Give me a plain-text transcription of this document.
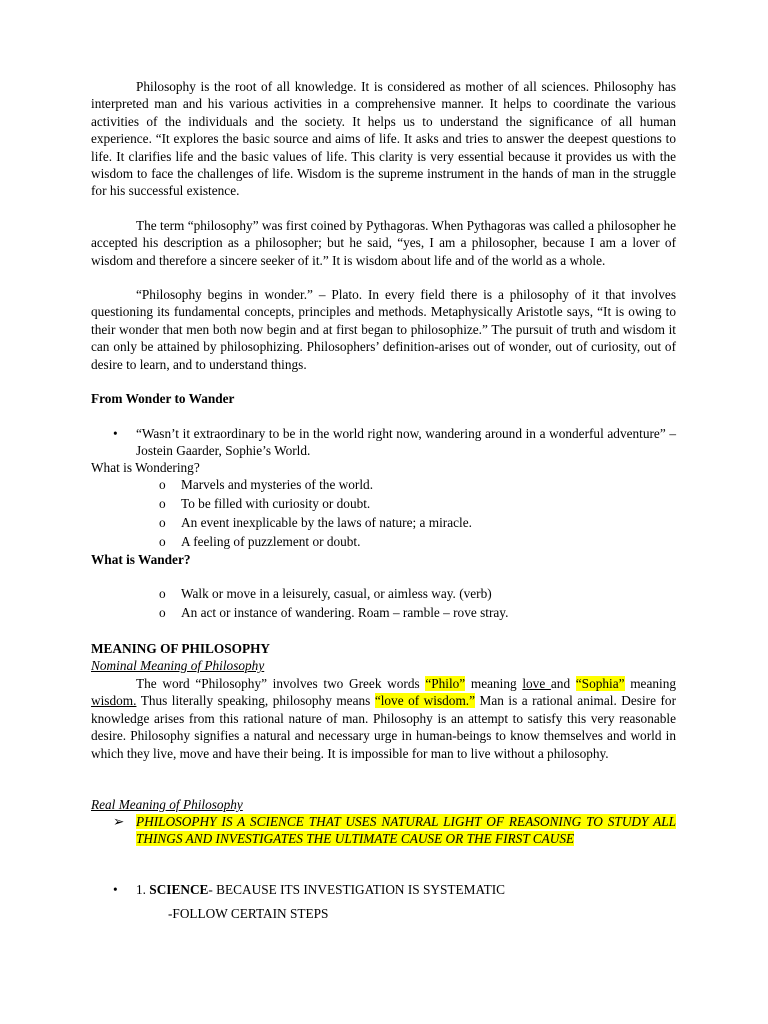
Philosophy is the root of all knowledge. It is considered as mother of all sciences. Philosophy has interpreted man and his various activities in a comprehensive manner. It helps to coordinate the various activities of the individuals and the society. It helps us to understand the significance of all human experience. “It explores the basic source and aims of life. It asks and tries to answer the deepest questions to life. It clarifies life and the basic values of life. This clarity is very essential because it provides us with the wisdom to face the challenges of life. Wisdom is the supreme instrument in the hands of man in the struggle for his successful existence.

The term “philosophy” was first coined by Pythagoras. When Pythagoras was called a philosopher he accepted his description as a philosopher; but he said, “yes, I am a philosopher, because I am a lover of wisdom and therefore a sincere seeker of it.” It is wisdom about life and of the world as a whole.

“Philosophy begins in wonder.” – Plato. In every field there is a philosophy of it that involves questioning its fundamental concepts, principles and methods. Metaphysically Aristotle says, “It is owing to their wonder that men both now begin and at first began to philosophize.” The pursuit of truth and wisdom it can only be attained by philosophizing. Philosophers’ definition-arises out of wonder, out of curiosity, out of desire to learn, and to understand things.

From Wonder to Wander
• “Wasn’t it extraordinary to be in the world right now, wandering around in a wonderful adventure” – Jostein Gaarder, Sophie’s World.
What is Wondering?
o Marvels and mysteries of the world.
o To be filled with curiosity or doubt.
o An event inexplicable by the laws of nature; a miracle.
o A feeling of puzzlement or doubt.
What is Wander?
o Walk or move in a leisurely, casual, or aimless way. (verb)
o An act or instance of wandering. Roam – ramble – rove stray.
MEANING OF PHILOSOPHY
Nominal Meaning of Philosophy

The word “Philosophy” involves two Greek words “Philo” meaning love and “Sophia” meaning wisdom. Thus literally speaking, philosophy means “love of wisdom.” Man is a rational animal. Desire for knowledge arises from this rational nature of man. Philosophy is an attempt to satisfy this very reasonable desire. Philosophy signifies a natural and necessary urge in human-beings to know themselves and world in which they live, move and have their being. It is impossible for man to live without a philosophy.

Real Meaning of Philosophy
➢ PHILOSOPHY IS A SCIENCE THAT USES NATURAL LIGHT OF REASONING TO STUDY ALL THINGS AND INVESTIGATES THE ULTIMATE CAUSE OR THE FIRST CAUSE
• 1. SCIENCE- BECAUSE ITS INVESTIGATION IS SYSTEMATIC
-FOLLOW CERTAIN STEPS
